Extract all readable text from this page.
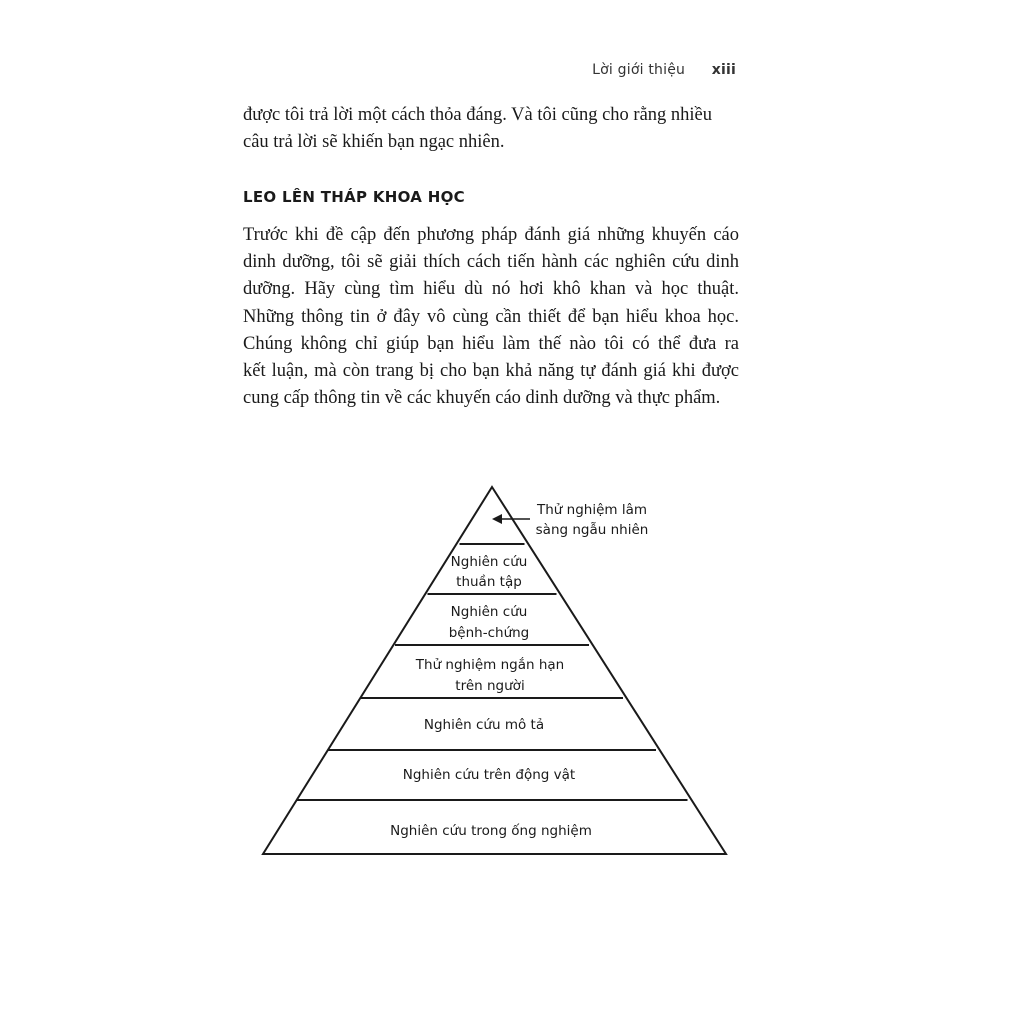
Lời giới thiệu xiii

được tôi trả lời một cách thỏa đáng. Và tôi cũng cho rằng nhiều
câu trả lời sẽ khiến bạn ngạc nhiên.

LEO LÊN THÁP KHOA HỌC

Trước khi đề cập đến phương pháp đánh giá những khuyến cáo
dinh dưỡng, tôi sẽ giải thích cách tiến hành các nghiên cứu dinh
dưỡng. Hãy cùng tìm hiểu dù nó hơi khô khan và học thuật.
Những thông tin ở đây vô cùng cần thiết để bạn hiểu khoa học.
Chúng không chỉ giúp bạn hiểu làm thế nào tôi có thể đưa ra
kết luận, mà còn trang bị cho bạn khả năng tự đánh giá khi được
cung cấp thông tin về các khuyến cáo dinh dưỡng và thực phẩm.

Thử nghiệm lâm
sàng ngẫu nhiên
Nghiên cứu
thuần tập
Nghiên cứu
bệnh-chứng
Thử nghiệm ngắn hạn
trên người
Nghiên cứu mô tả
Nghiên cứu trên động vật
Nghiên cứu trong ống nghiệm
